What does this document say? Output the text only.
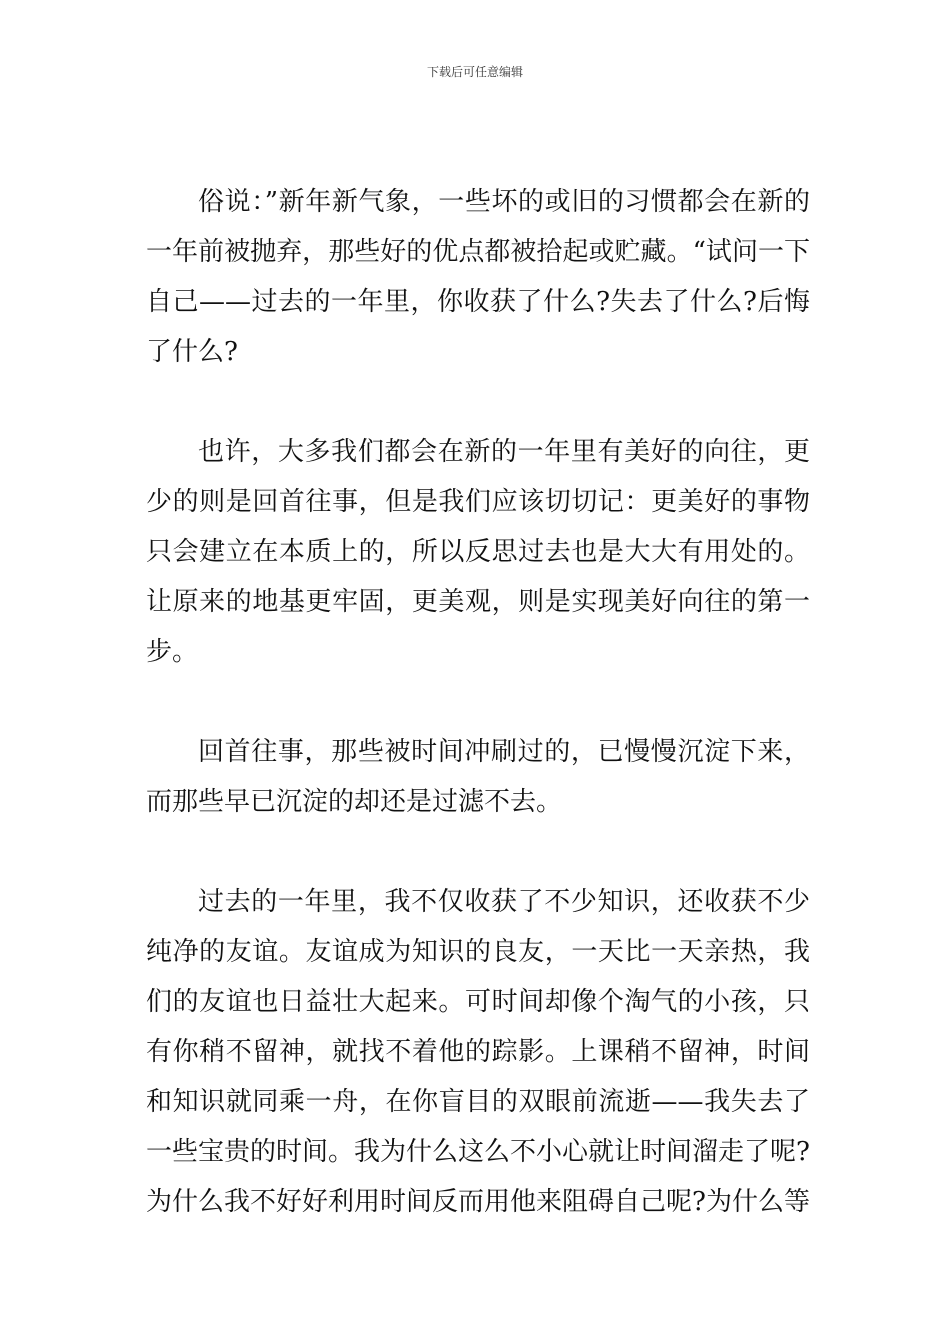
下载后可任意编辑

俗说：”新年新气象，一些坏的或旧的习惯都会在新的一年前被抛弃，那些好的优点都被拾起或贮藏。“试问一下自己——过去的一年里，你收获了什么?失去了什么?后悔了什么?

也许，大多我们都会在新的一年里有美好的向往，更少的则是回首往事，但是我们应该切切记：更美好的事物只会建立在本质上的，所以反思过去也是大大有用处的。让原来的地基更牢固，更美观，则是实现美好向往的第一步。

回首往事，那些被时间冲刷过的，已慢慢沉淀下来，而那些早已沉淀的却还是过滤不去。

过去的一年里，我不仅收获了不少知识，还收获不少纯净的友谊。友谊成为知识的良友，一天比一天亲热，我们的友谊也日益壮大起来。可时间却像个淘气的小孩，只有你稍不留神，就找不着他的踪影。上课稍不留神，时间和知识就同乘一舟，在你盲目的双眼前流逝——我失去了一些宝贵的时间。我为什么这么不小心就让时间溜走了呢?为什么我不好好利用时间反而用他来阻碍自己呢?为什么等
